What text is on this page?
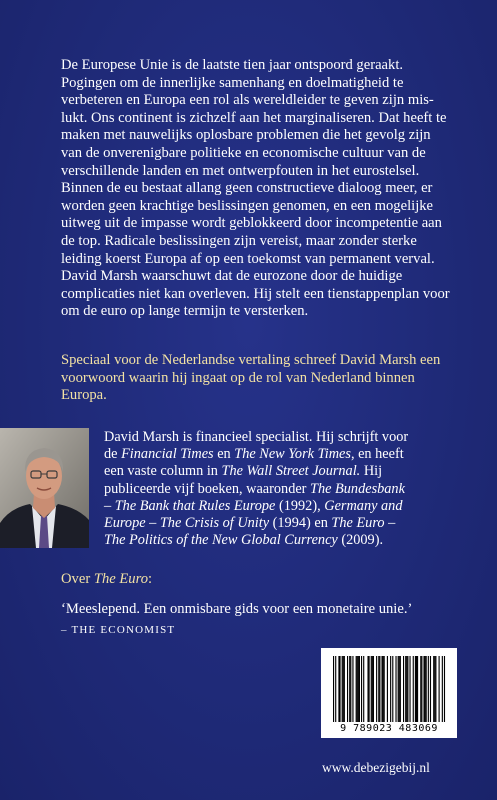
De Europese Unie is de laatste tien jaar ontspoord geraakt.

Pogingen om de innerlijke samenhang en doelmatigheid te

verbeteren en Europa een rol als wereldleider te geven zijn mis-

lukt. Ons continent is zichzelf aan het marginaliseren. Dat heeft te

maken met nauwelijks oplosbare problemen die het gevolg zijn

van de onverenigbare politieke en economische cultuur van de

verschillende landen en met ontwerpfouten in het eurostelsel.

Binnen de eu bestaat allang geen constructieve dialoog meer, er

worden geen krachtige beslissingen genomen, en een mogelijke

uitweg uit de impasse wordt geblokkeerd door incompetentie aan

de top. Radicale beslissingen zijn vereist, maar zonder sterke

leiding koerst Europa af op een toekomst van permanent verval.

David Marsh waarschuwt dat de eurozone door de huidige

complicaties niet kan overleven. Hij stelt een tienstappenplan voor

om de euro op lange termijn te versterken.

Speciaal voor de Nederlandse vertaling schreef David Marsh een
voorwoord waarin hij ingaat op de rol van Nederland binnen
Europa.
David Marsh is financieel specialist. Hij schrijft voor
de Financial Times en The New York Times, en heeft
een vaste column in The Wall Street Journal. Hij
publiceerde vijf boeken, waaronder The Bundesbank
– The Bank that Rules Europe (1992), Germany and
Europe – The Crisis of Unity (1994) en The Euro –
The Politics of the New Global Currency (2009).
Over The Euro:
‘Meeslepend. Een onmisbare gids voor een monetaire unie.’
– THE ECONOMIST
9 789023 483069
www.debezigebij.nl
